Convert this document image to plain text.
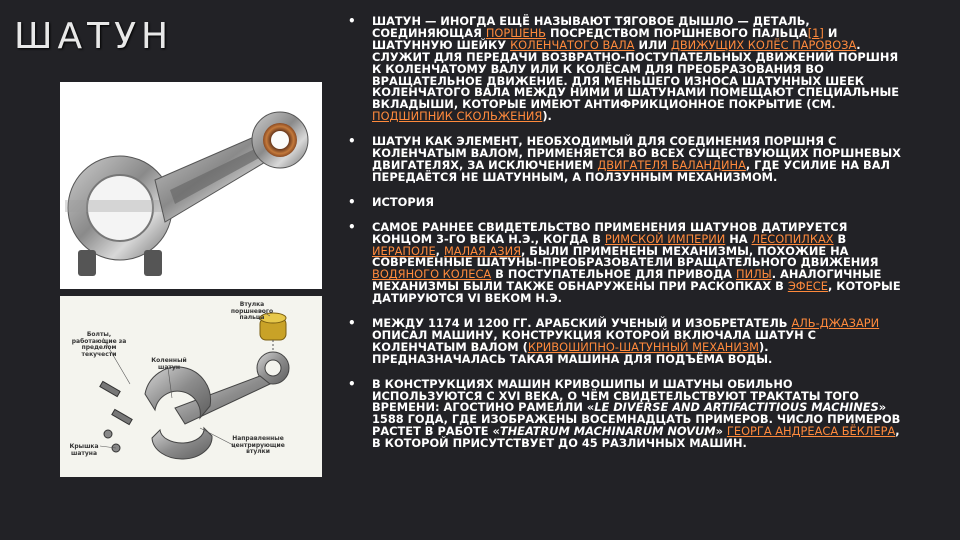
ШАТУН
Втулка поршневого пальца
Болты, работающие за пределом текучести
Коленный шатун
Крышка шатуна
Направленные центрирующие втулки
• ШАТУН — ИНОГДА ЕЩЁ НАЗЫВАЮТ ТЯГОВОЕ ДЫШЛО — ДЕТАЛЬ, СОЕДИНЯЮЩАЯ ПОРШЕНЬ ПОСРЕДСТВОМ ПОРШНЕВОГО ПАЛЬЦА[1] И ШАТУННУЮ ШЕЙКУ КОЛЕНЧАТОГО ВАЛА ИЛИ ДВИЖУЩИХ КОЛЁС ПАРОВОЗА. СЛУЖИТ ДЛЯ ПЕРЕДАЧИ ВОЗВРАТНО-ПОСТУПАТЕЛЬНЫХ ДВИЖЕНИЙ ПОРШНЯ К КОЛЕНЧАТОМУ ВАЛУ ИЛИ К КОЛЁСАМ ДЛЯ ПРЕОБРАЗОВАНИЯ ВО ВРАЩАТЕЛЬНОЕ ДВИЖЕНИЕ. ДЛЯ МЕНЬШЕГО ИЗНОСА ШАТУННЫХ ШЕЕК КОЛЕНЧАТОГО ВАЛА МЕЖДУ НИМИ И ШАТУНАМИ ПОМЕЩАЮТ СПЕЦИАЛЬНЫЕ ВКЛАДЫШИ, КОТОРЫЕ ИМЕЮТ АНТИФРИКЦИОННОЕ ПОКРЫТИЕ (СМ. ПОДШИПНИК СКОЛЬЖЕНИЯ).
• ШАТУН КАК ЭЛЕМЕНТ, НЕОБХОДИМЫЙ ДЛЯ СОЕДИНЕНИЯ ПОРШНЯ С КОЛЕНЧАТЫМ ВАЛОМ, ПРИМЕНЯЕТСЯ ВО ВСЕХ СУЩЕСТВУЮЩИХ ПОРШНЕВЫХ ДВИГАТЕЛЯХ, ЗА ИСКЛЮЧЕНИЕМ ДВИГАТЕЛЯ БАЛАНДИНА, ГДЕ УСИЛИЕ НА ВАЛ ПЕРЕДАЁТСЯ НЕ ШАТУННЫМ, А ПОЛЗУННЫМ МЕХАНИЗМОМ.
• ИСТОРИЯ
• САМОЕ РАННЕЕ СВИДЕТЕЛЬСТВО ПРИМЕНЕНИЯ ШАТУНОВ ДАТИРУЕТСЯ КОНЦОМ 3-ГО ВЕКА Н.Э., КОГДА В РИМСКОЙ ИМПЕРИИ НА ЛЕСОПИЛКАХ В ИЕРАПОЛЕ, МАЛАЯ АЗИЯ, БЫЛИ ПРИМЕНЕНЫ МЕХАНИЗМЫ, ПОХОЖИЕ НА СОВРЕМЕННЫЕ ШАТУНЫ-ПРЕОБРАЗОВАТЕЛИ ВРАЩАТЕЛЬНОГО ДВИЖЕНИЯ ВОДЯНОГО КОЛЕСА В ПОСТУПАТЕЛЬНОЕ ДЛЯ ПРИВОДА ПИЛЫ. АНАЛОГИЧНЫЕ МЕХАНИЗМЫ БЫЛИ ТАКЖЕ ОБНАРУЖЕНЫ ПРИ РАСКОПКАХ В ЭФЕСЕ, КОТОРЫЕ ДАТИРУЮТСЯ VI ВЕКОМ Н.Э.
• МЕЖДУ 1174 И 1200 ГГ. АРАБСКИЙ УЧЕНЫЙ И ИЗОБРЕТАТЕЛЬ АЛЬ-ДЖАЗАРИ ОПИСАЛ МАШИНУ, КОНСТРУКЦИЯ КОТОРОЙ ВКЛЮЧАЛА ШАТУН С КОЛЕНЧАТЫМ ВАЛОМ (КРИВОШИПНО-ШАТУННЫЙ МЕХАНИЗМ). ПРЕДНАЗНАЧАЛАСЬ ТАКАЯ МАШИНА ДЛЯ ПОДЪЁМА ВОДЫ.
• В КОНСТРУКЦИЯХ МАШИН КРИВОШИПЫ И ШАТУНЫ ОБИЛЬНО ИСПОЛЬЗУЮТСЯ С XVI ВЕКА, О ЧЁМ СВИДЕТЕЛЬСТВУЮТ ТРАКТАТЫ ТОГО ВРЕМЕНИ: АГОСТИНО РАМЕЛЛИ «LE DIVERSE AND ARTIFACTITIOUS MACHINES» 1588 ГОДА, ГДЕ ИЗОБРАЖЕНЫ ВОСЕМНАДЦАТЬ ПРИМЕРОВ. ЧИСЛО ПРИМЕРОВ РАСТЕТ В РАБОТЕ «THEATRUM MACHINARUM NOVUM» ГЕОРГА АНДРЕАСА БЁКЛЕРА, В КОТОРОЙ ПРИСУТСТВУЕТ ДО 45 РАЗЛИЧНЫХ МАШИН.
